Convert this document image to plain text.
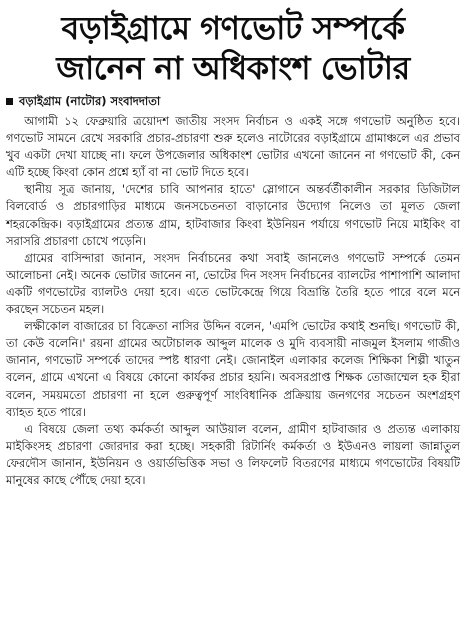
বড়াইগ্রামে গণভোট সম্পর্কে
জানেন না অধিকাংশ ভোটার
বড়াইগ্রাম (নাটোর) সংবাদদাতা

আগামী ১২ ফেব্রুয়ারি ত্রয়োদশ জাতীয় সংসদ নির্বাচন ও একই সঙ্গে গণভোট অনুষ্ঠিত হবে। গণভোট সামনে রেখে সরকারি প্রচার-প্রচারণা শুরু হলেও নাটোরের বড়াইগ্রামে গ্রামাঞ্চলে এর প্রভাব খুব একটা দেখা যাচ্ছে না। ফলে উপজেলার অধিকাংশ ভোটার এখনো জানেন না গণভোট কী, কেন এটি হচ্ছে কিংবা কোন প্রশ্নে হ্যাঁ বা না ভোট দিতে হবে।

স্থানীয় সূত্র জানায়, 'দেশের চাবি আপনার হাতে' স্লোগানে অন্তর্বর্তীকালীন সরকার ডিজিটাল বিলবোর্ড ও প্রচারগাড়ির মাধ্যমে জনসচেতনতা বাড়ানোর উদ্যোগ নিলেও তা মূলত জেলা শহরকেন্দ্রিক। বড়াইগ্রামের প্রত্যন্ত গ্রাম, হাটবাজার কিংবা ইউনিয়ন পর্যায়ে গণভোট নিয়ে মাইকিং বা সরাসরি প্রচারণা চোখে পড়েনি।

গ্রামের বাসিন্দারা জানান, সংসদ নির্বাচনের কথা সবাই জানলেও গণভোট সম্পর্কে তেমন আলোচনা নেই। অনেক ভোটার জানেন না, ভোটের দিন সংসদ নির্বাচনের ব্যালটের পাশাপাশি আলাদা একটি গণভোটের ব্যালটও দেয়া হবে। এতে ভোটকেন্দ্রে গিয়ে বিভ্রান্তি তৈরি হতে পারে বলে মনে করছেন সচেতন মহল।

লক্ষীকোল বাজারের চা বিক্রেতা নাসির উদ্দিন বলেন, 'এমপি ভোটের কথাই শুনছি। গণভোট কী, তা কেউ বলেনি।' রয়না গ্রামের অটোচালক আব্দুল মালেক ও মুদি ব্যবসায়ী নাজমুল ইসলাম গাজীও জানান, গণভোট সম্পর্কে তাদের স্পষ্ট ধারণা নেই। জোনাইল এলাকার কলেজ শিক্ষিকা শিল্পী খাতুন বলেন, গ্রামে এখনো এ বিষয়ে কোনো কার্যকর প্রচার হয়নি। অবসরপ্রাপ্ত শিক্ষক তোজাম্মেল হক হীরা বলেন, সময়মতো প্রচারণা না হলে গুরুত্বপূর্ণ সাংবিধানিক প্রক্রিয়ায় জনগণের সচেতন অংশগ্রহণ ব্যাহত হতে পারে।

এ বিষয়ে জেলা তথ্য কর্মকর্তা আব্দুল আউয়াল বলেন, গ্রামীণ হাটবাজার ও প্রত্যন্ত এলাকায় মাইকিংসহ প্রচারণা জোরদার করা হচ্ছে। সহকারী রিটার্নিং কর্মকর্তা ও ইউএনও লায়লা জান্নাতুল ফেরদৌস জানান, ইউনিয়ন ও ওয়ার্ডভিত্তিক সভা ও লিফলেট বিতরণের মাধ্যমে গণভোটের বিষয়টি মানুষের কাছে পৌঁছে দেয়া হবে।
